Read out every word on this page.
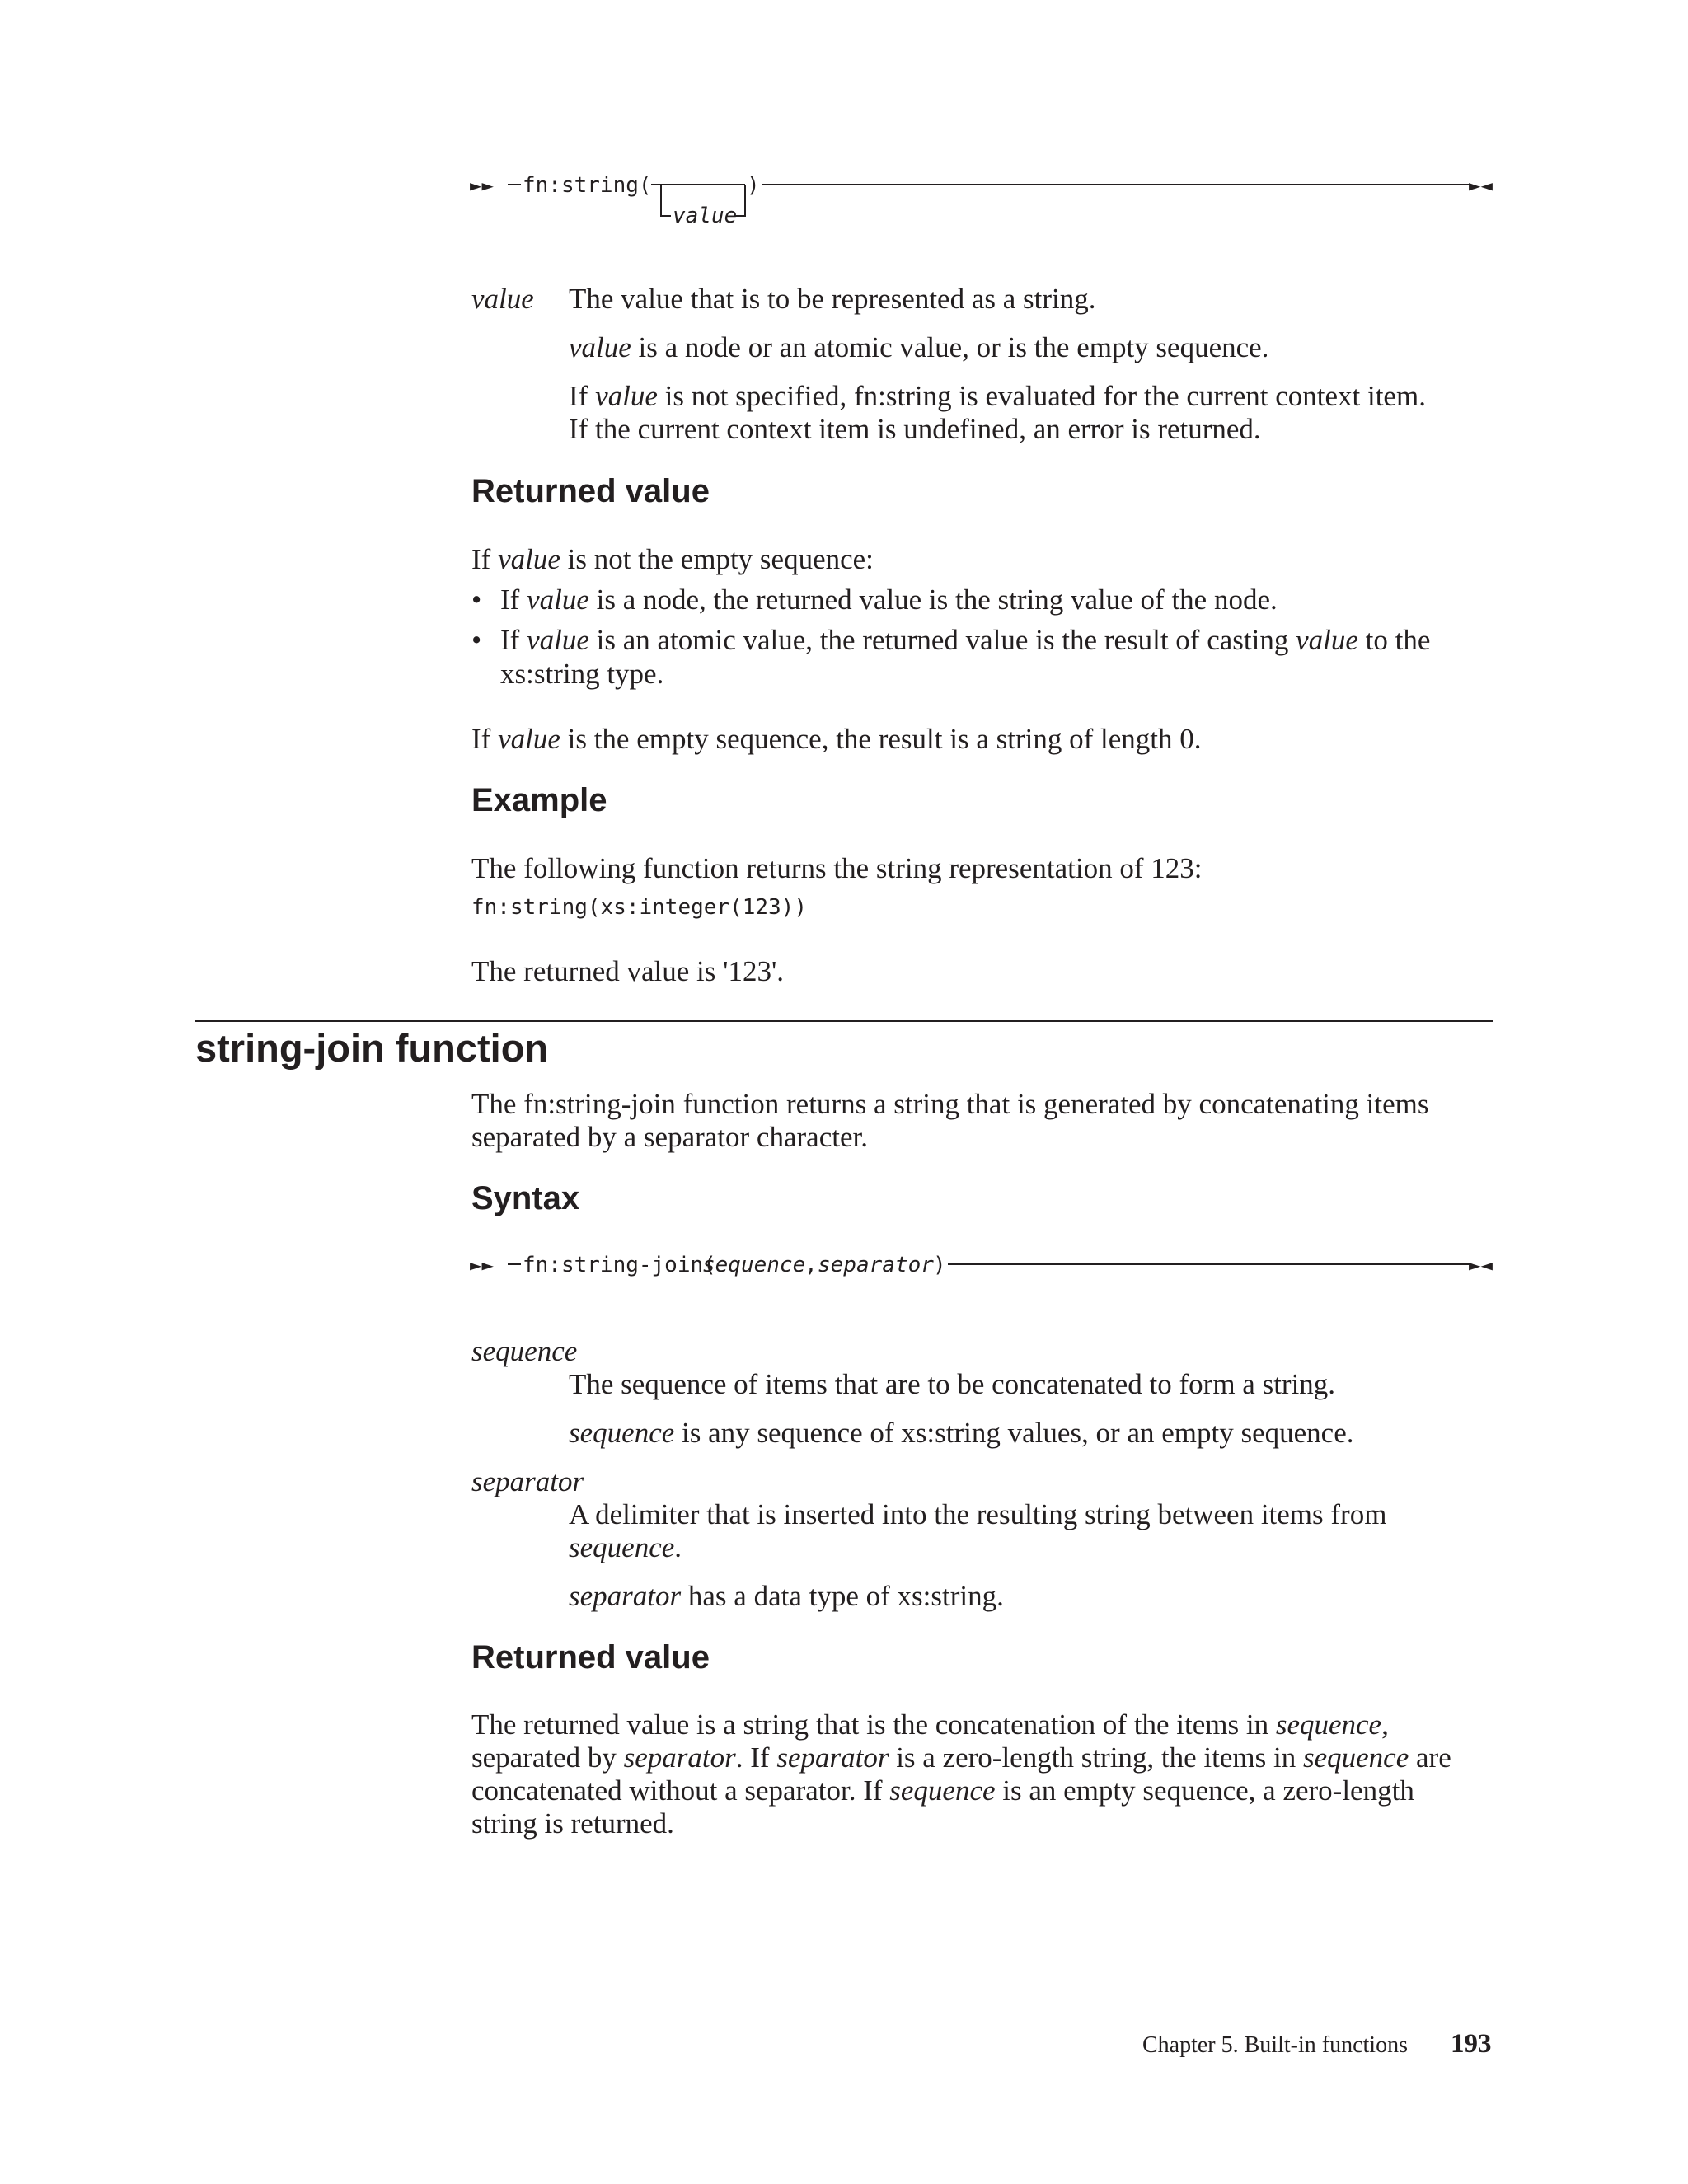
►► fn:string(
value
)	►◄
value The value that is to be represented as a string.
value is a node or an atomic value, or is the empty sequence.
If value is not specified, fn:string is evaluated for the current context item.
If the current context item is undefined, an error is returned.
Returned value
If value is not the empty sequence:
• If value is a node, the returned value is the string value of the node.
• If value is an atomic value, the returned value is the result of casting value to the
xs:string type.
If value is the empty sequence, the result is a string of length 0.
Example
The following function returns the string representation of 123:
fn:string(xs:integer(123))
The returned value is '123'.
string-join function
The fn:string-join function returns a string that is generated by concatenating items
separated by a separator character.
Syntax
►► fn:string-join(
sequence
, separator )	►◄
sequence
The sequence of items that are to be concatenated to form a string.
sequence is any sequence of xs:string values, or an empty sequence.
separator
A delimiter that is inserted into the resulting string between items from
sequence.
separator has a data type of xs:string.
Returned value
The returned value is a string that is the concatenation of the items in sequence,
separated by separator. If separator is a zero-length string, the items in sequence are
concatenated without a separator. If sequence is an empty sequence, a zero-length
string is returned.
Chapter 5. Built-in functions 193
